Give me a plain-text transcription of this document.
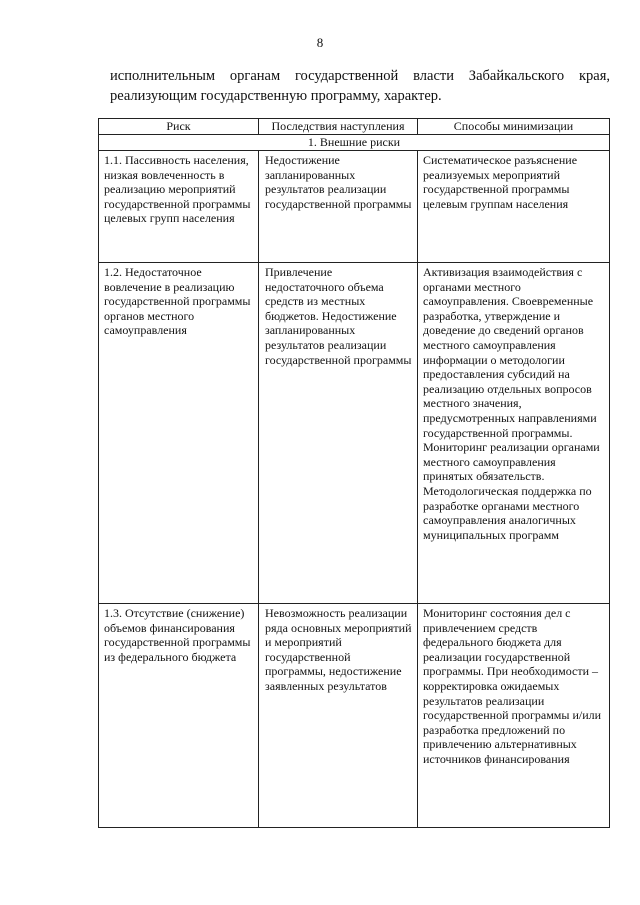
8
исполнительным органам государственной власти Забайкальского края,
реализующим государственную программу, характер.
Риск	Последствия наступления	Способы минимизации
1. Внешние риски		
1.1. Пассивность населения, низкая вовлеченность в реализацию мероприятий государственной программы целевых групп населения	Недостижение запланированных результатов реализации государственной программы	Систематическое разъяснение реализуемых мероприятий государственной программы целевым группам населения
1.2. Недостаточное вовлечение в реализацию государственной программы органов местного самоуправления	Привлечение недостаточного объема средств из местных бюджетов. Недостижение запланированных результатов реализации государственной программы	Активизация взаимодействия с органами местного самоуправления. Своевременные разработка, утверждение и доведение до сведений органов местного самоуправления информации о методологии предоставления субсидий на реализацию отдельных вопросов местного значения, предусмотренных направлениями государственной программы. Мониторинг реализации органами местного самоуправления принятых обязательств. Методологическая поддержка по разработке органами местного самоуправления аналогичных муниципальных программ
1.3. Отсутствие (снижение) объемов финансирования государственной программы из федерального бюджета	Невозможность реализации ряда основных мероприятий и мероприятий государственной программы, недостижение заявленных результатов	Мониторинг состояния дел с привлечением средств федерального бюджета для реализации государственной программы. При необходимости – корректировка ожидаемых результатов реализации государственной программы и/или разработка предложений по привлечению альтернативных источников финансирования
